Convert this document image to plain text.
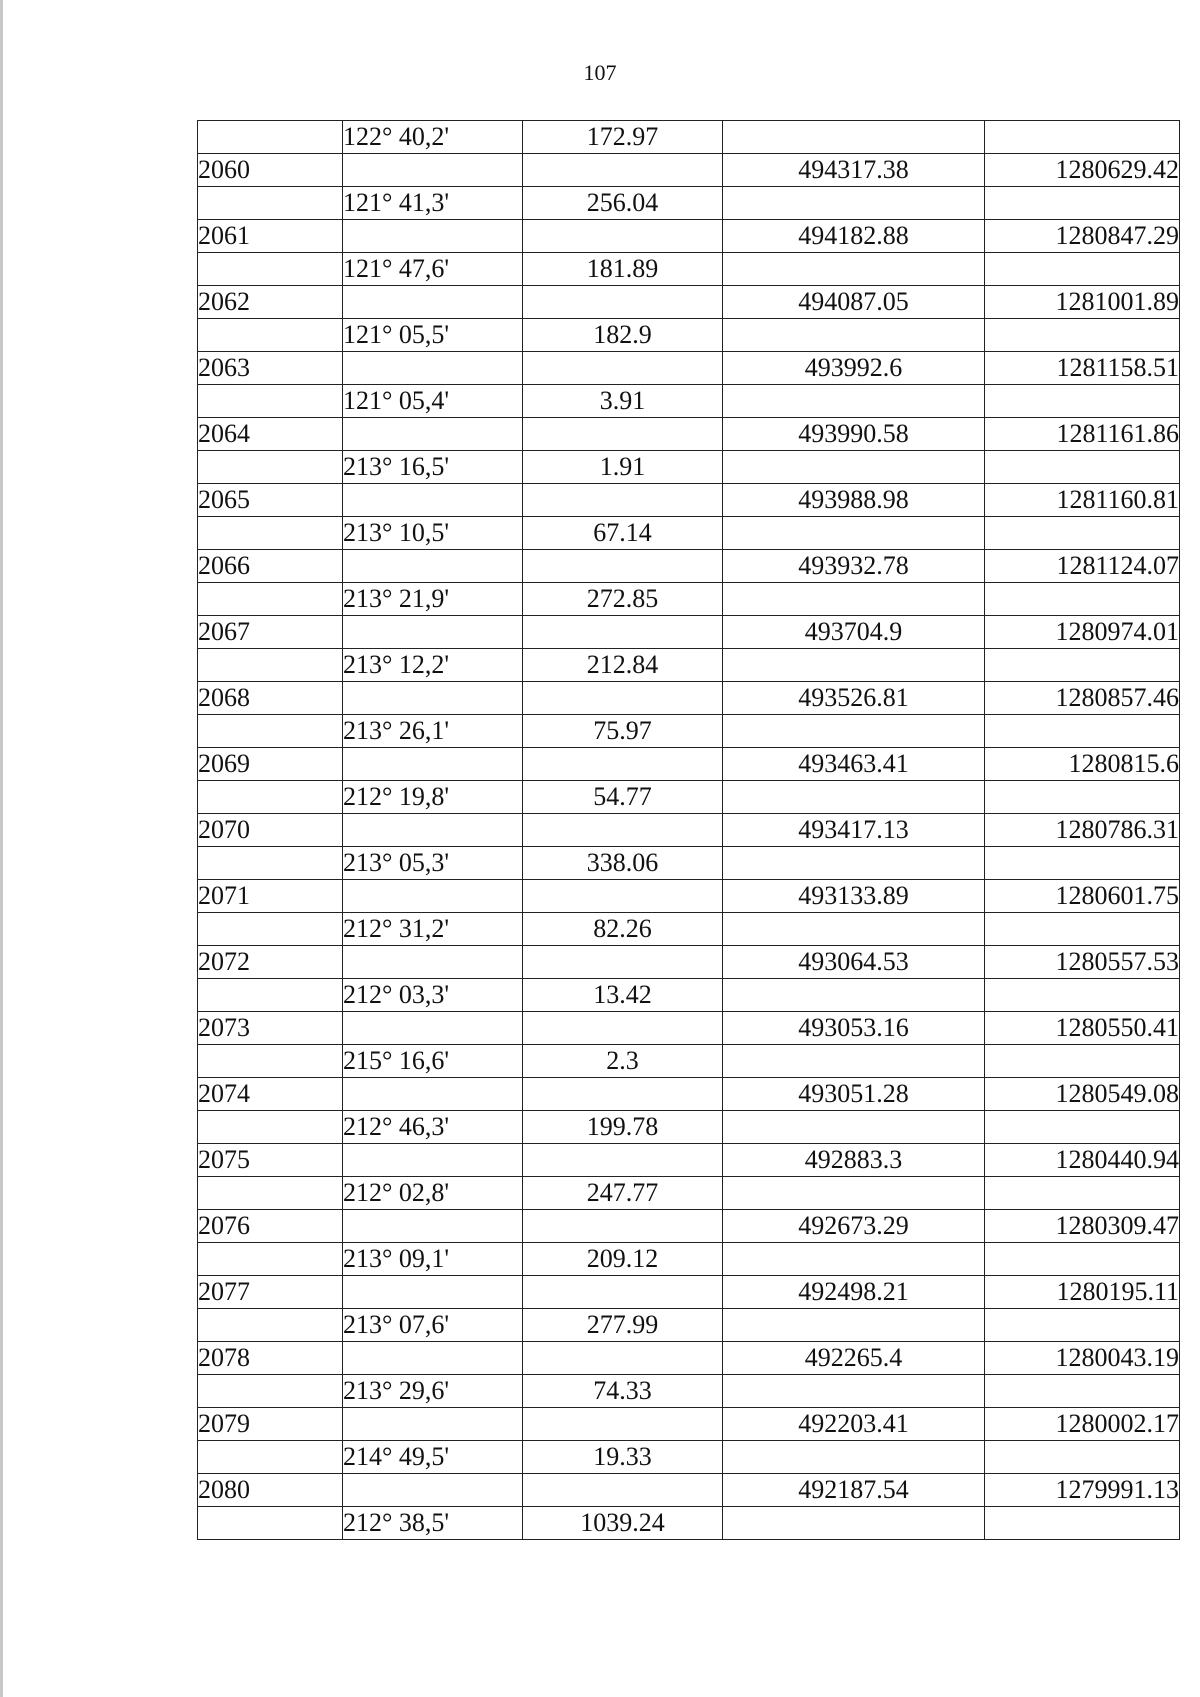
107
	122° 40,2'	172.97		
2060			494317.38	1280629.42
	121° 41,3'	256.04		
2061			494182.88	1280847.29
	121° 47,6'	181.89		
2062			494087.05	1281001.89
	121° 05,5'	182.9		
2063			493992.6	1281158.51
	121° 05,4'	3.91		
2064			493990.58	1281161.86
	213° 16,5'	1.91		
2065			493988.98	1281160.81
	213° 10,5'	67.14		
2066			493932.78	1281124.07
	213° 21,9'	272.85		
2067			493704.9	1280974.01
	213° 12,2'	212.84		
2068			493526.81	1280857.46
	213° 26,1'	75.97		
2069			493463.41	1280815.6
	212° 19,8'	54.77		
2070			493417.13	1280786.31
	213° 05,3'	338.06		
2071			493133.89	1280601.75
	212° 31,2'	82.26		
2072			493064.53	1280557.53
	212° 03,3'	13.42		
2073			493053.16	1280550.41
	215° 16,6'	2.3		
2074			493051.28	1280549.08
	212° 46,3'	199.78		
2075			492883.3	1280440.94
	212° 02,8'	247.77		
2076			492673.29	1280309.47
	213° 09,1'	209.12		
2077			492498.21	1280195.11
	213° 07,6'	277.99		
2078			492265.4	1280043.19
	213° 29,6'	74.33		
2079			492203.41	1280002.17
	214° 49,5'	19.33		
2080			492187.54	1279991.13
	212° 38,5'	1039.24		
